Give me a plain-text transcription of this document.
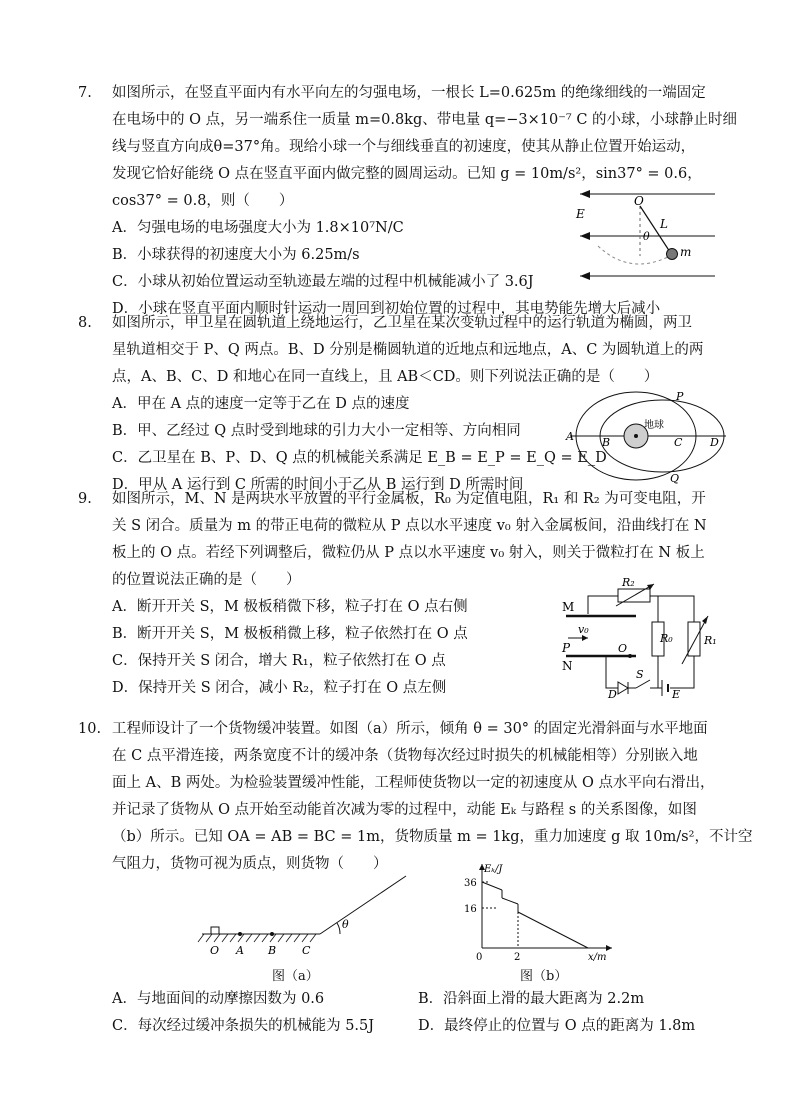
7.	如图所示，在竖直平面内有水平向左的匀强电场，一根长 L=0.625m 的绝缘细线的一端固定
在电场中的 O 点，另一端系住一质量 m=0.8kg、带电量 q=−3×10⁻⁷ C 的小球，小球静止时细
线与竖直方向成θ=37°角。现给小球一个与细线垂直的初速度，使其从静止位置开始运动，
发现它恰好能绕 O 点在竖直平面内做完整的圆周运动。已知 g = 10m/s²，sin37° = 0.6，
cos37° = 0.8，则（　　）
A．匀强电场的电场强度大小为 1.8×10⁷N/C
B．小球获得的初速度大小为 6.25m/s
C．小球从初始位置运动至轨迹最左端的过程中机械能减小了 3.6J
D．小球在竖直平面内顺时针运动一周回到初始位置的过程中，其电势能先增大后减小
E
O
L
θ
m
8.	如图所示，甲卫星在圆轨道上绕地运行，乙卫星在某次变轨过程中的运行轨道为椭圆，两卫
星轨道相交于 P、Q 两点。B、D 分别是椭圆轨道的近地点和远地点，A、C 为圆轨道上的两
点，A、B、C、D 和地心在同一直线上，且 AB＜CD。则下列说法正确的是（　　）
A．甲在 A 点的速度一定等于乙在 D 点的速度
B．甲、乙经过 Q 点时受到地球的引力大小一定相等、方向相同
C．乙卫星在 B、P、D、Q 点的机械能关系满足 E_B = E_P = E_Q = E_D
D．甲从 A 运行到 C 所需的时间小于乙从 B 运行到 D 所需时间
地球
A	B	C	D
P
Q
9.	如图所示，M、N 是两块水平放置的平行金属板，R₀ 为定值电阻，R₁ 和 R₂ 为可变电阻，开
关 S 闭合。质量为 m 的带正电荷的微粒从 P 点以水平速度 v₀ 射入金属板间，沿曲线打在 N
板上的 O 点。若经下列调整后，微粒仍从 P 点以水平速度 v₀ 射入，则关于微粒打在 N 板上
的位置说法正确的是（　　）
A．断开开关 S，M 极板稍微下移，粒子打在 O 点右侧
B．断开开关 S，M 极板稍微上移，粒子依然打在 O 点
C．保持开关 S 闭合，增大 R₁，粒子依然打在 O 点
D．保持开关 S 闭合，减小 R₂，粒子打在 O 点左侧
R₂
M
v₀
R₀	R₁
P	O
N
D
S
E
10. 工程师设计了一个货物缓冲装置。如图（a）所示，倾角 θ = 30° 的固定光滑斜面与水平地面
在 C 点平滑连接，两条宽度不计的缓冲条（货物每次经过时损失的机械能相等）分别嵌入地
面上 A、B 两处。为检验装置缓冲性能，工程师使货物以一定的初速度从 O 点水平向右滑出，
并记录了货物从 O 点开始至动能首次减为零的过程中，动能 Eₖ 与路程 s 的关系图像，如图
（b）所示。已知 OA = AB = BC = 1m，货物质量 m = 1kg，重力加速度 g 取 10m/s²，不计空
气阻力，货物可视为质点，则货物（　　）
O A B C
θ
图（a）
Eₖ/J
36
16
0	2	x/m
图（b）
A．与地面间的动摩擦因数为 0.6	B．沿斜面上滑的最大距离为 2.2m
C．每次经过缓冲条损失的机械能为 5.5J	D．最终停止的位置与 O 点的距离为 1.8m
